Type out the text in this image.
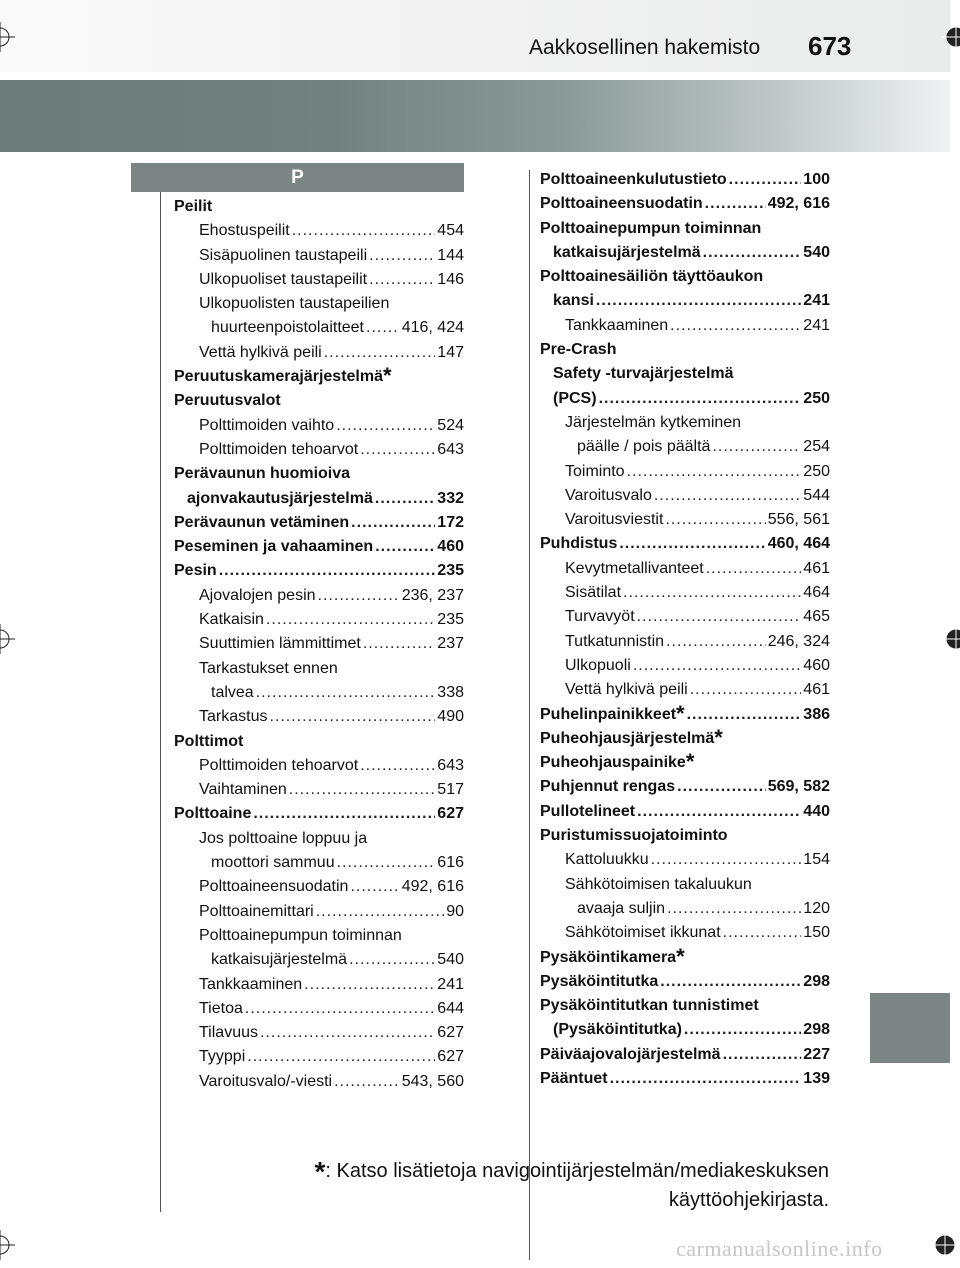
Aakkosellinen hakemisto 673
P
Peilit
Ehostuspeilit .....	454
Sisäpuolinen taustapeili .....	144
Ulkopuoliset taustapeilit .....	146
Ulkopuolisten taustapeilien
huurteenpoistolaitteet ..... 416, 424
Vettä hylkivä peili .....	147
Peruutuskamerajärjestelmä*
Peruutusvalot
Polttimoiden vaihto .....	524
Polttimoiden tehoarvot .....	643
Perävaunun huomioiva
ajonvakautusjärjestelmä .....	332
Perävaunun vetäminen .....	172
Peseminen ja vahaaminen .....	460
Pesin .....	235
Ajovalojen pesin .....	236, 237
Katkaisin .....	235
Suuttimien lämmittimet .....	237
Tarkastukset ennen
talvea .....	338
Tarkastus .....	490
Polttimot
Polttimoiden tehoarvot .....	643
Vaihtaminen .....	517
Polttoaine .....	627
Jos polttoaine loppuu ja
moottori sammuu .....	616
Polttoaineensuodatin .....	492, 616
Polttoainemittari .....	90
Polttoainepumpun toiminnan
katkaisujärjestelmä .....	540
Tankkaaminen .....	241
Tietoa .....	644
Tilavuus .....	627
Tyyppi .....	627
Varoitusvalo/-viesti .....	543, 560
Polttoaineenkulutustieto .....	100
Polttoaineensuodatin .....	492, 616
Polttoainepumpun toiminnan
katkaisujärjestelmä .....	540
Polttoainesäiliön täyttöaukon
kansi .....	241
Tankkaaminen .....	241
Pre-Crash
Safety -turvajärjestelmä
(PCS) .....	250
Järjestelmän kytkeminen
päälle / pois päältä .....	254
Toiminto .....	250
Varoitusvalo .....	544
Varoitusviestit .....	556, 561
Puhdistus .....	460, 464
Kevytmetallivanteet .....	461
Sisätilat .....	464
Turvavyöt .....	465
Tutkatunnistin .....	246, 324
Ulkopuoli .....	460
Vettä hylkivä peili .....	461
Puhelinpainikkeet* .....	386
Puheohjausjärjestelmä*
Puheohjauspainike*
Puhjennut rengas .....	569, 582
Pullotelineet .....	440
Puristumissuojatoiminto
Kattoluukku .....	154
Sähkötoimisen takaluukun
avaaja suljin .....	120
Sähkötoimiset ikkunat .....	150
Pysäköintikamera*
Pysäköintitutka .....	298
Pysäköintitutkan tunnistimet
(Pysäköintitutka) .....	298
Päiväajovalojärjestelmä .....	227
Pääntuet .....	139
*: Katso lisätietoja navigointijärjestelmän/mediakeskuksen
käyttöohjekirjasta.
carmanualsonline.info
